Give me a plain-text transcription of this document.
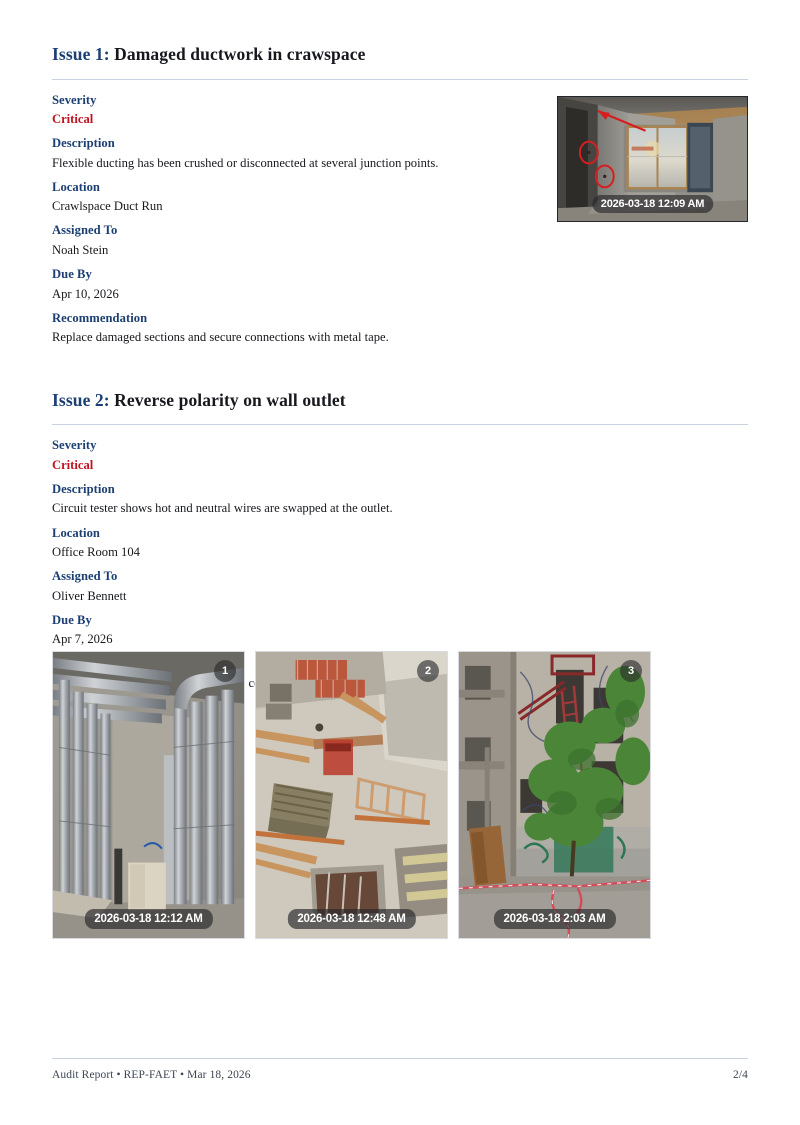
Issue 1: Damaged ductwork in crawspace
Severity
Critical
Description
Flexible ducting has been crushed or disconnected at several junction points.
Location
Crawlspace Duct Run
Assigned To
Noah Stein
Due By
Apr 10, 2026
Recommendation
Replace damaged sections and secure connections with metal tape.
2026-03-18 12:09 AM
Issue 2: Reverse polarity on wall outlet
Severity
Critical
Description
Circuit tester shows hot and neutral wires are swapped at the outlet.
Location
Office Room 104
Assigned To
Oliver Bennett
Due By
Apr 7, 2026
1
2026-03-18 12:12 AM
2
2026-03-18 12:48 AM
3
2026-03-18 2:03 AM
Audit Report • REP-FAET • Mar 18, 2026	2/4
